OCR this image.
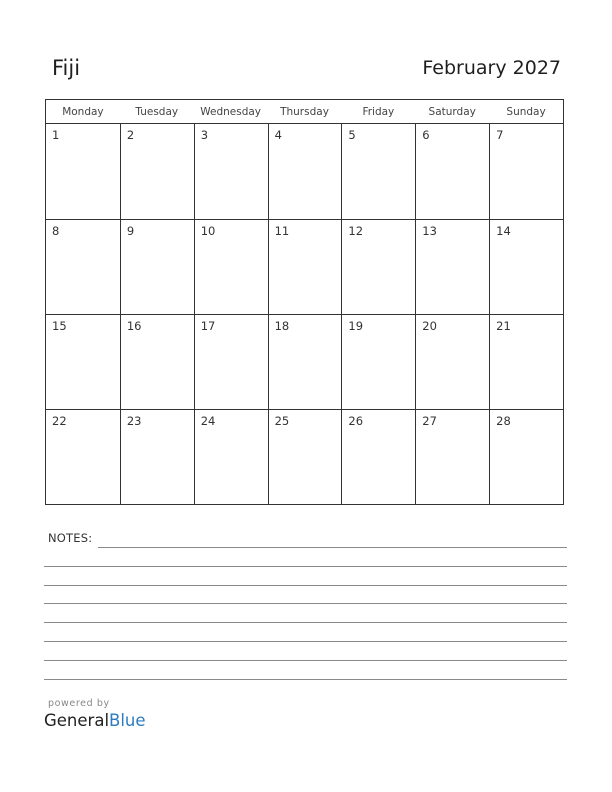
Fiji	February 2027
Monday	Tuesday	Wednesday	Thursday	Friday	Saturday	Sunday
1	2	3	4	5	6	7
8	9	10	11	12	13	14
15	16	17	18	19	20	21
22	23	24	25	26	27	28
NOTES:
powered by
GeneralBlue
